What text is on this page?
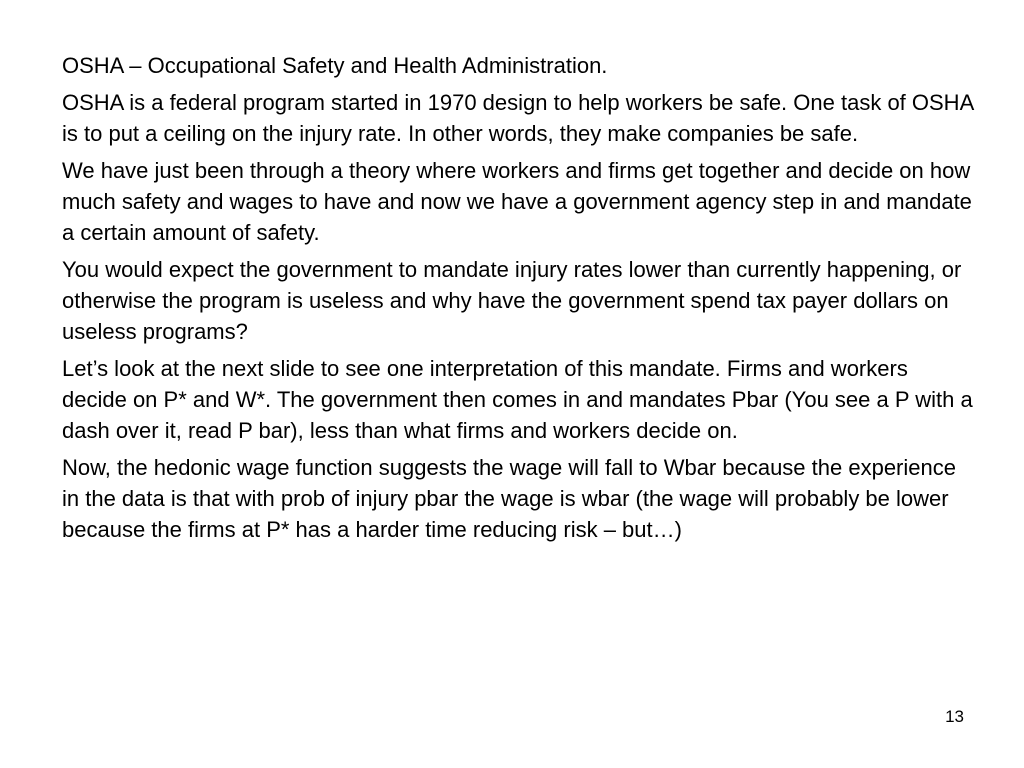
OSHA – Occupational Safety and Health Administration.

OSHA is a federal program started in 1970 design to help workers be safe. One task of OSHA is to put a ceiling on the injury rate. In other words, they make companies be safe.

We have just been through a theory where workers and firms get together and decide on how much safety and wages to have and now we have a government agency step in and mandate a certain amount of safety.

You would expect the government to mandate injury rates lower than currently happening, or otherwise the program is useless and why have the government spend tax payer dollars on useless programs?

Let’s look at the next slide to see one interpretation of this mandate. Firms and workers decide on P* and W*. The government then comes in and mandates Pbar (You see a P with a dash over it, read P bar), less than what firms and workers decide on.

Now, the hedonic wage function suggests the wage will fall to Wbar because the experience in the data is that with prob of injury pbar the wage is wbar (the wage will probably be lower because the firms at P* has a harder time reducing risk – but…)

13
